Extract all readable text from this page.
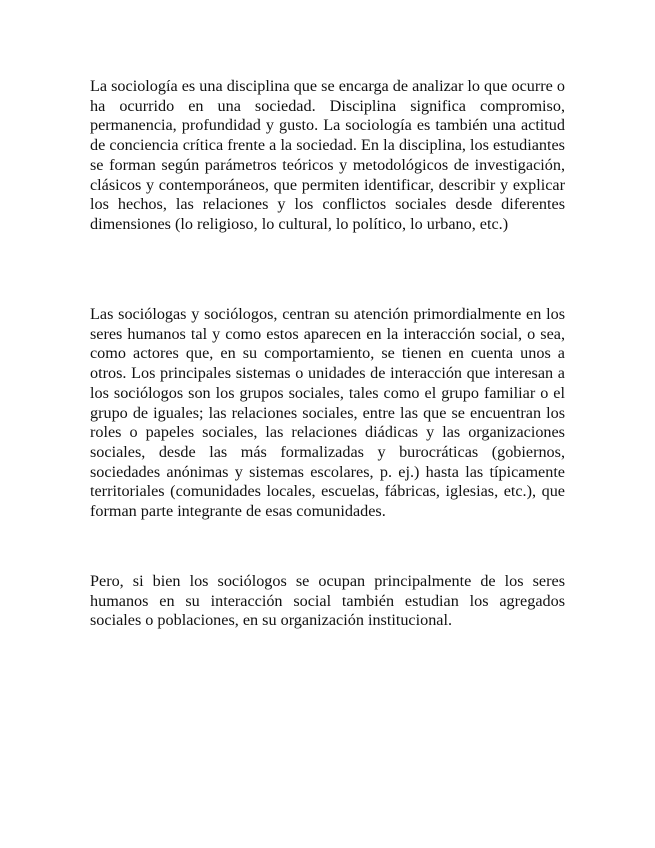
La sociología es una disciplina que se encarga de analizar lo que ocurre o ha ocurrido en una sociedad. Disciplina significa compromiso, permanencia, profundidad y gusto. La sociología es también una actitud de conciencia crítica frente a la sociedad. En la disciplina, los estudiantes se forman según parámetros teóricos y metodológicos de investigación, clásicos y contemporáneos, que permiten identificar, describir y explicar los hechos, las relaciones y los conflictos sociales desde diferentes dimensiones (lo religioso, lo cultural, lo político, lo urbano, etc.)

Las sociólogas y sociólogos, centran su atención primordialmente en los seres humanos tal y como estos aparecen en la interacción social, o sea, como actores que, en su comportamiento, se tienen en cuenta unos a otros. Los principales sistemas o unidades de interacción que interesan a los sociólogos son los grupos sociales, tales como el grupo familiar o el grupo de iguales; las relaciones sociales, entre las que se encuentran los roles o papeles sociales, las relaciones diádicas y las organizaciones sociales, desde las más formalizadas y burocráticas (gobiernos, sociedades anónimas y sistemas escolares, p. ej.) hasta las típicamente territoriales (comunidades locales, escuelas, fábricas, iglesias, etc.), que forman parte integrante de esas comunidades.

Pero, si bien los sociólogos se ocupan principalmente de los seres humanos en su interacción social también estudian los agregados sociales o poblaciones, en su organización institucional.
